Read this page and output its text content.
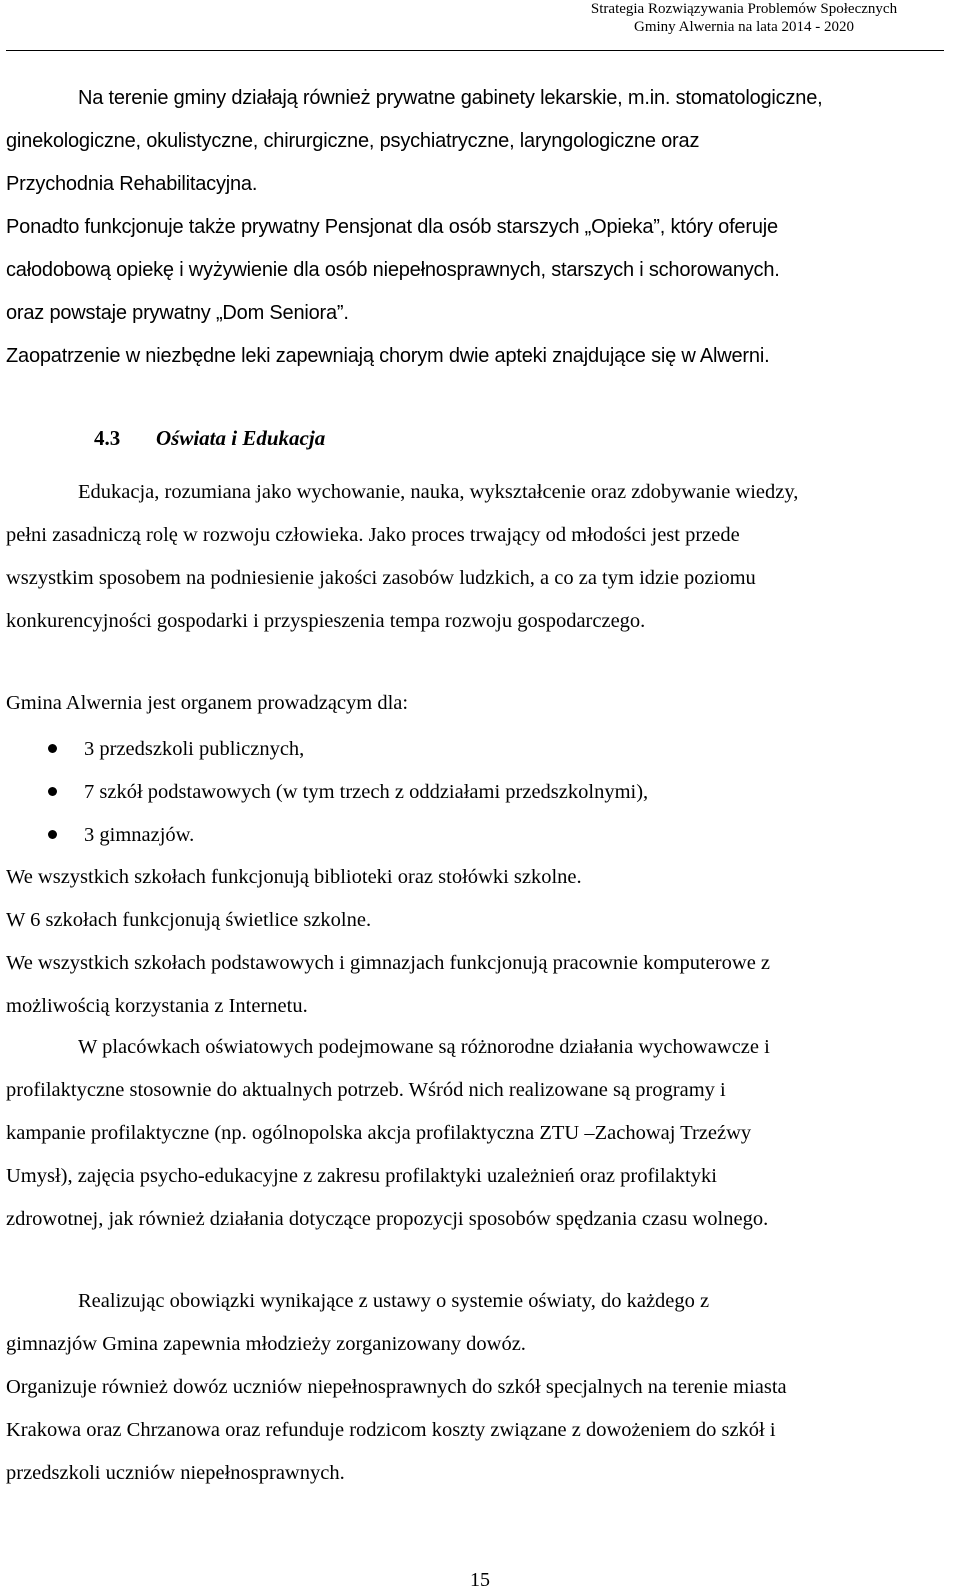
Strategia Rozwiązywania Problemów Społecznych
Gminy Alwernia na lata 2014 - 2020
Na terenie gminy działają również prywatne gabinety lekarskie, m.in. stomatologiczne,
ginekologiczne, okulistyczne, chirurgiczne, psychiatryczne, laryngologiczne oraz
Przychodnia Rehabilitacyjna.
Ponadto funkcjonuje także prywatny Pensjonat dla osób starszych „Opieka”, który oferuje
całodobową opiekę i wyżywienie dla osób niepełnosprawnych, starszych i schorowanych.
oraz powstaje prywatny „Dom Seniora”.
Zaopatrzenie w niezbędne leki zapewniają chorym dwie apteki znajdujące się w Alwerni.
4.3 Oświata i Edukacja
Edukacja, rozumiana jako wychowanie, nauka, wykształcenie oraz zdobywanie wiedzy,
pełni zasadniczą rolę w rozwoju człowieka. Jako proces trwający od młodości jest przede
wszystkim sposobem na podniesienie jakości zasobów ludzkich, a co za tym idzie poziomu
konkurencyjności gospodarki i przyspieszenia tempa rozwoju gospodarczego.
Gmina Alwernia jest organem prowadzącym dla:
3 przedszkoli publicznych,
7 szkół podstawowych (w tym trzech z oddziałami przedszkolnymi),
3 gimnazjów.
We wszystkich szkołach funkcjonują biblioteki oraz stołówki szkolne.
W 6 szkołach funkcjonują świetlice szkolne.
We wszystkich szkołach podstawowych i gimnazjach funkcjonują pracownie komputerowe z
możliwością korzystania z Internetu.
W placówkach oświatowych podejmowane są różnorodne działania wychowawcze i
profilaktyczne stosownie do aktualnych potrzeb. Wśród nich realizowane są programy i
kampanie profilaktyczne (np. ogólnopolska akcja profilaktyczna ZTU –Zachowaj Trzeźwy
Umysł), zajęcia psycho-edukacyjne z zakresu profilaktyki uzależnień oraz profilaktyki
zdrowotnej, jak również działania dotyczące propozycji sposobów spędzania czasu wolnego.
Realizując obowiązki wynikające z ustawy o systemie oświaty, do każdego z
gimnazjów Gmina zapewnia młodzieży zorganizowany dowóz.
Organizuje również dowóz uczniów niepełnosprawnych do szkół specjalnych na terenie miasta
Krakowa oraz Chrzanowa oraz refunduje rodzicom koszty związane z dowożeniem do szkół i
przedszkoli uczniów niepełnosprawnych.
15
